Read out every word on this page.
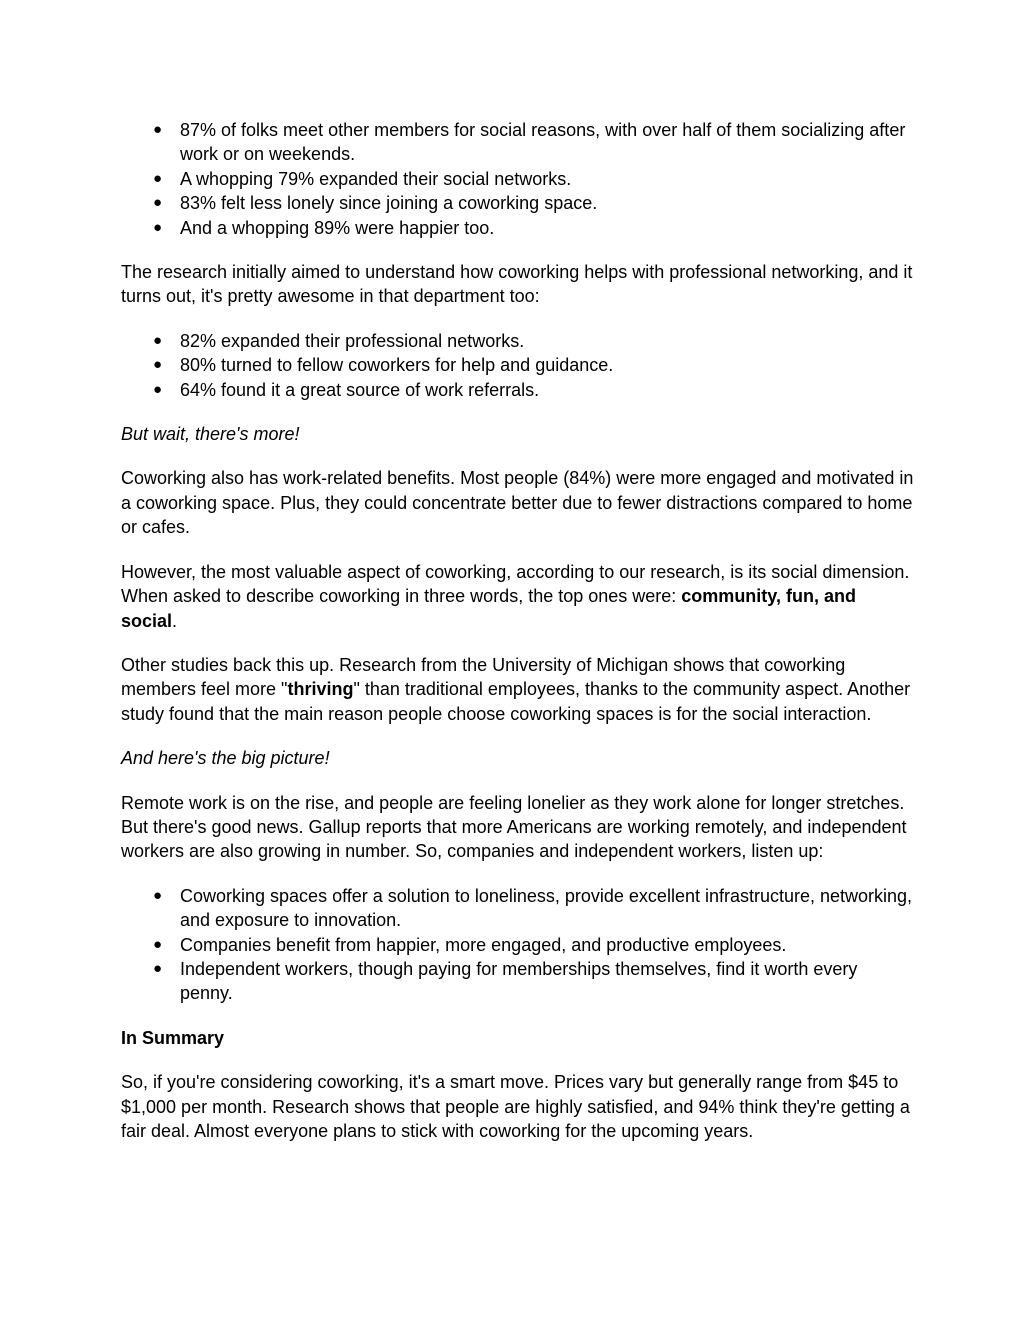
● 87% of folks meet other members for social reasons, with over half of them socializing after work or on weekends.
● A whopping 79% expanded their social networks.
● 83% felt less lonely since joining a coworking space.
● And a whopping 89% were happier too.

The research initially aimed to understand how coworking helps with professional networking, and it turns out, it's pretty awesome in that department too:

● 82% expanded their professional networks.
● 80% turned to fellow coworkers for help and guidance.
● 64% found it a great source of work referrals.

But wait, there's more!

Coworking also has work-related benefits. Most people (84%) were more engaged and motivated in a coworking space. Plus, they could concentrate better due to fewer distractions compared to home or cafes.

However, the most valuable aspect of coworking, according to our research, is its social dimension. When asked to describe coworking in three words, the top ones were: community, fun, and social.

Other studies back this up. Research from the University of Michigan shows that coworking members feel more "thriving" than traditional employees, thanks to the community aspect. Another study found that the main reason people choose coworking spaces is for the social interaction.

And here's the big picture!

Remote work is on the rise, and people are feeling lonelier as they work alone for longer stretches. But there's good news. Gallup reports that more Americans are working remotely, and independent workers are also growing in number. So, companies and independent workers, listen up:

● Coworking spaces offer a solution to loneliness, provide excellent infrastructure, networking, and exposure to innovation.
● Companies benefit from happier, more engaged, and productive employees.
● Independent workers, though paying for memberships themselves, find it worth every penny.

In Summary

So, if you're considering coworking, it's a smart move. Prices vary but generally range from $45 to $1,000 per month. Research shows that people are highly satisfied, and 94% think they're getting a fair deal. Almost everyone plans to stick with coworking for the upcoming years.
